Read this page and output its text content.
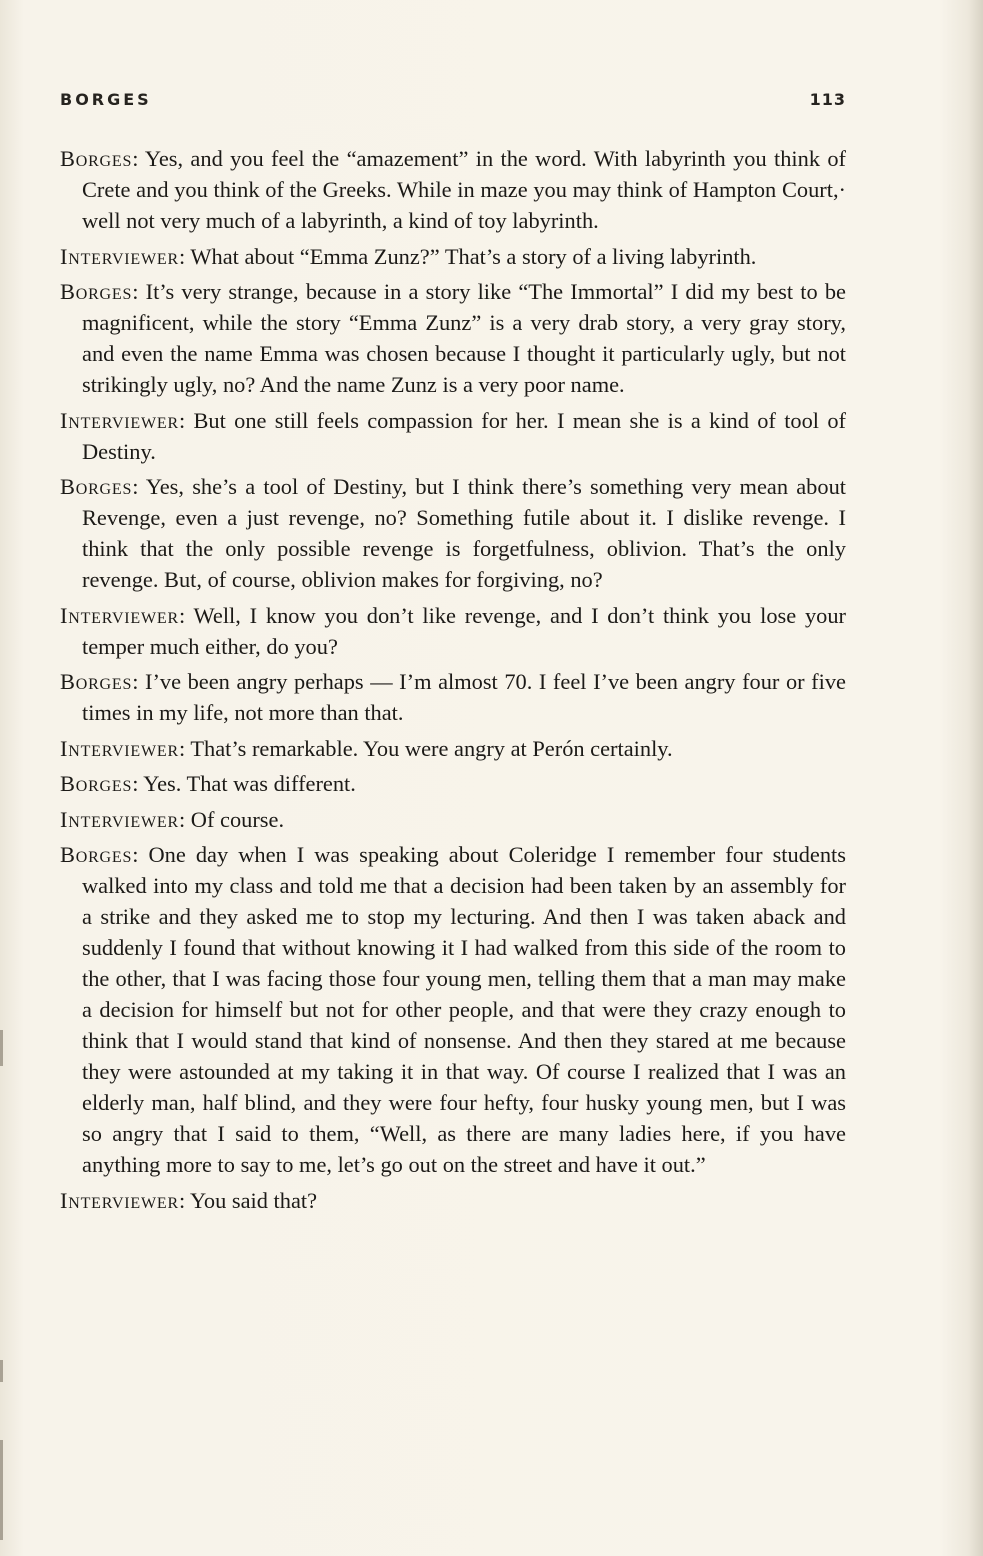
BORGES	113

Borges: Yes, and you feel the “amazement” in the word. With labyrinth you think of Crete and you think of the Greeks. While in maze you may think of Hampton Court,· well not very much of a labyrinth, a kind of toy labyrinth.

Interviewer: What about “Emma Zunz?” That’s a story of a living labyrinth.

Borges: It’s very strange, because in a story like “The Immortal” I did my best to be magnificent, while the story “Emma Zunz” is a very drab story, a very gray story, and even the name Emma was chosen because I thought it particularly ugly, but not strikingly ugly, no? And the name Zunz is a very poor name.

Interviewer: But one still feels compassion for her. I mean she is a kind of tool of Destiny.

Borges: Yes, she’s a tool of Destiny, but I think there’s something very mean about Revenge, even a just revenge, no? Something futile about it. I dislike revenge. I think that the only possible revenge is forgetfulness, oblivion. That’s the only revenge. But, of course, oblivion makes for forgiving, no?

Interviewer: Well, I know you don’t like revenge, and I don’t think you lose your temper much either, do you?

Borges: I’ve been angry perhaps — I’m almost 70. I feel I’ve been angry four or five times in my life, not more than that.

Interviewer: That’s remarkable. You were angry at Perón certainly.

Borges: Yes. That was different.

Interviewer: Of course.

Borges: One day when I was speaking about Coleridge I remember four students walked into my class and told me that a decision had been taken by an assembly for a strike and they asked me to stop my lecturing. And then I was taken aback and suddenly I found that without knowing it I had walked from this side of the room to the other, that I was facing those four young men, telling them that a man may make a decision for himself but not for other people, and that were they crazy enough to think that I would stand that kind of nonsense. And then they stared at me because they were astounded at my taking it in that way. Of course I realized that I was an elderly man, half blind, and they were four hefty, four husky young men, but I was so angry that I said to them, “Well, as there are many ladies here, if you have anything more to say to me, let’s go out on the street and have it out.”

Interviewer: You said that?
